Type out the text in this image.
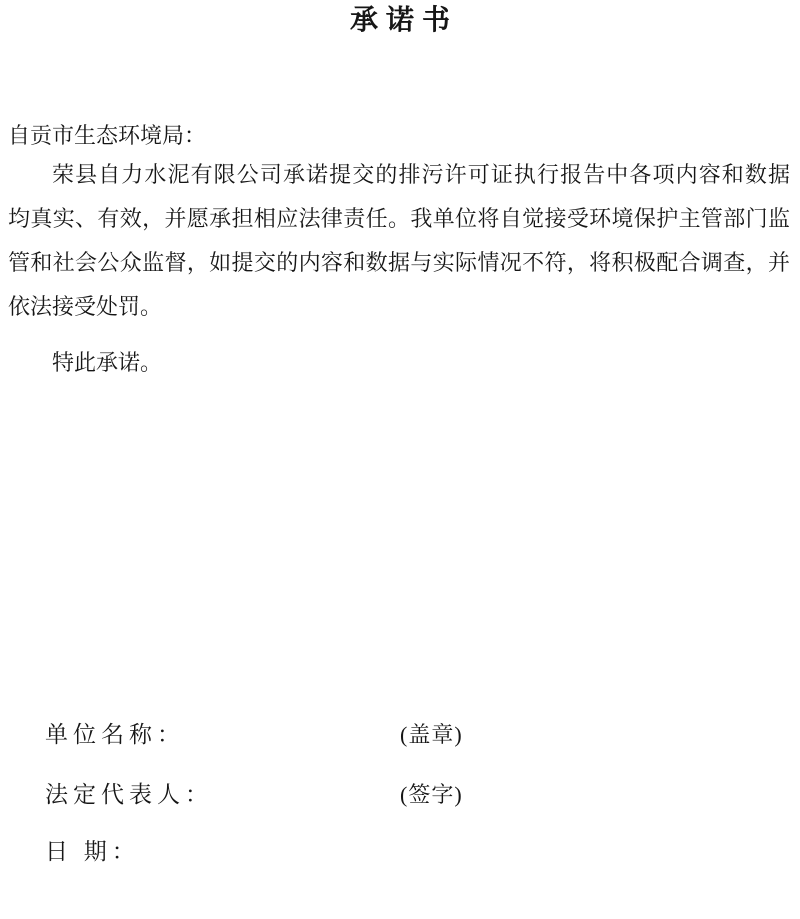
承诺书
自贡市生态环境局：
荣县自力水泥有限公司承诺提交的排污许可证执行报告中各项内容和数据
均真实、有效，并愿承担相应法律责任。我单位将自觉接受环境保护主管部门监
管和社会公众监督，如提交的内容和数据与实际情况不符，将积极配合调查，并
依法接受处罚。
特此承诺。
单位名称：	(盖章)
法定代表人：	(签字)
日 期：
